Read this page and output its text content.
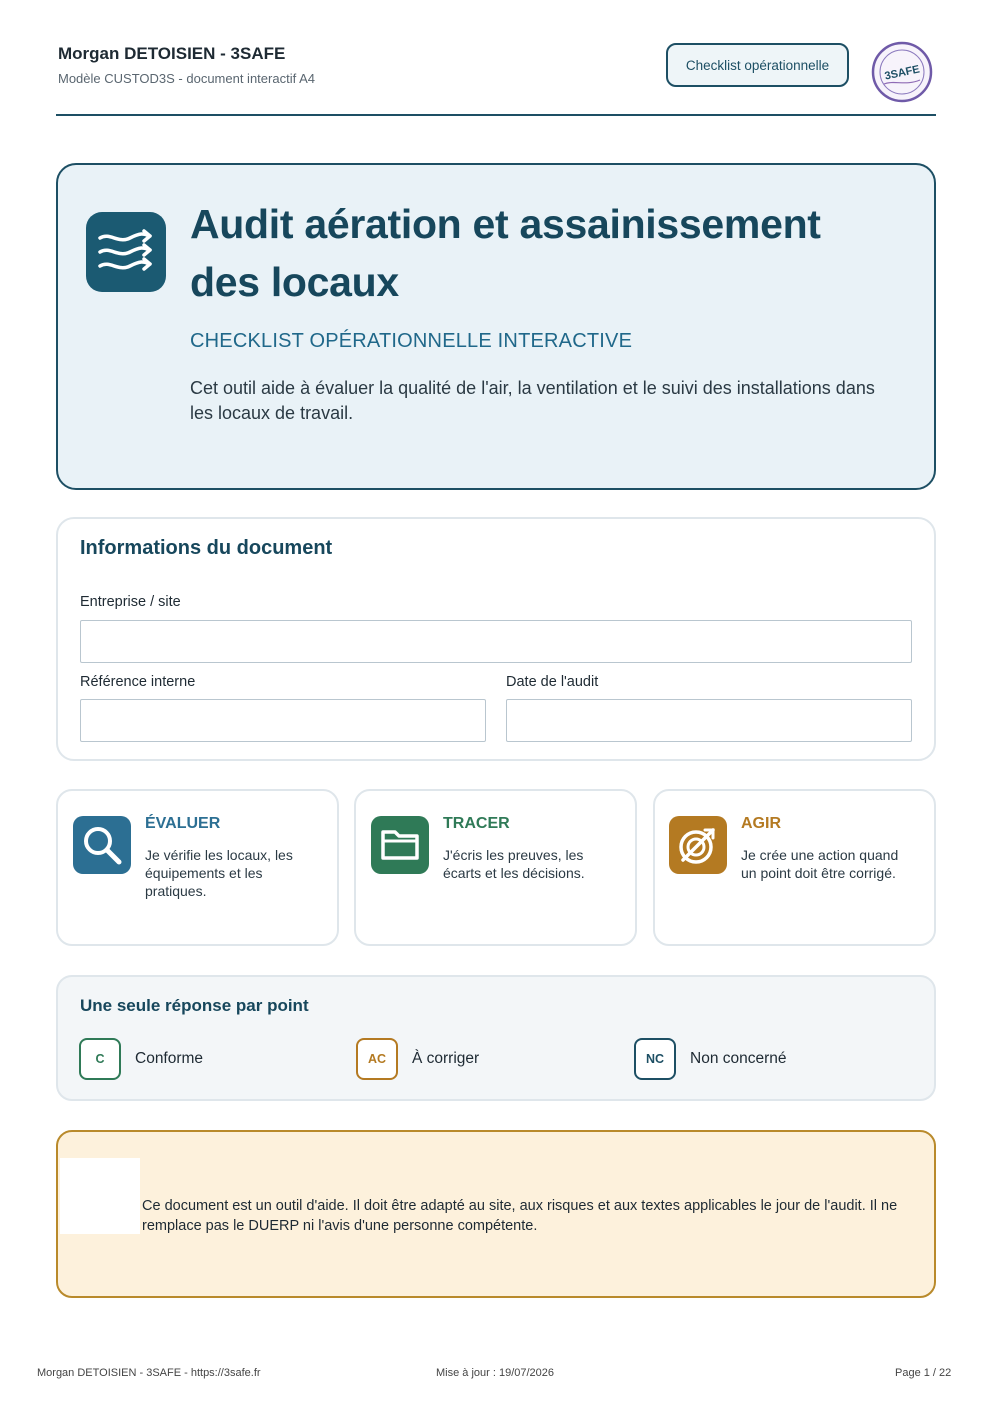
Morgan DETOISIEN - 3SAFE
Modèle CUSTOD3S - document interactif A4
Checklist opérationnelle	3SAFE
Audit aération et assainissement des locaux
CHECKLIST OPÉRATIONNELLE INTERACTIVE
Cet outil aide à évaluer la qualité de l'air, la ventilation et le suivi des installations dans les locaux de travail.
Informations du document
Entreprise / site
Référence interne	Date de l'audit
ÉVALUER
Je vérifie les locaux, les équipements et les pratiques.
TRACER
J'écris les preuves, les écarts et les décisions.
AGIR
Je crée une action quand un point doit être corrigé.
Une seule réponse par point
C	Conforme	AC	À corriger	NC	Non concerné
Ce document est un outil d'aide. Il doit être adapté au site, aux risques et aux textes applicables le jour de l'audit. Il ne remplace pas le DUERP ni l'avis d'une personne compétente.
Morgan DETOISIEN - 3SAFE - https://3safe.fr	Mise à jour : 19/07/2026	Page 1 / 22
